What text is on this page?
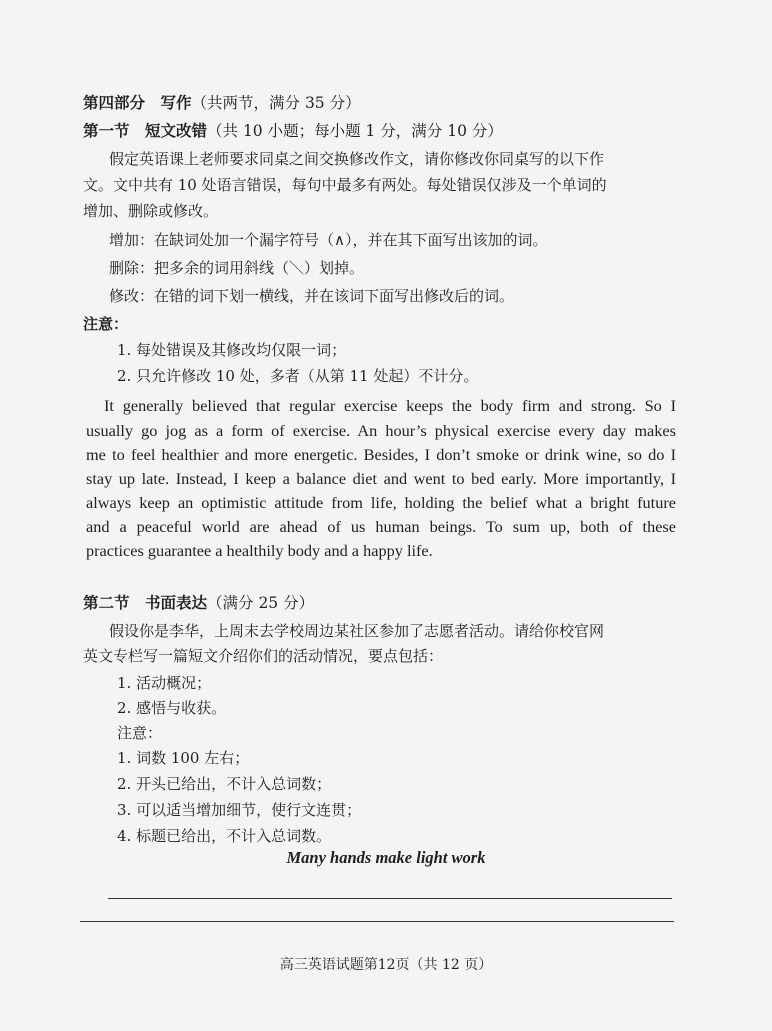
第四部分　写作（共两节，满分 35 分）
第一节　短文改错（共 10 小题；每小题 1 分，满分 10 分）
假定英语课上老师要求同桌之间交换修改作文，请你修改你同桌写的以下作
文。文中共有 10 处语言错误，每句中最多有两处。每处错误仅涉及一个单词的
增加、删除或修改。
增加：在缺词处加一个漏字符号（∧），并在其下面写出该加的词。
删除：把多余的词用斜线（＼）划掉。
修改：在错的词下划一横线，并在该词下面写出修改后的词。
注意：
1. 每处错误及其修改均仅限一词；
2. 只允许修改 10 处，多者（从第 11 处起）不计分。
It generally believed that regular exercise keeps the body firm and strong. So I
usually go jog as a form of exercise. An hour’s physical exercise every day makes
me to feel healthier and more energetic. Besides, I don’t smoke or drink wine, so do I
stay up late. Instead, I keep a balance diet and went to bed early. More importantly, I
always keep an optimistic attitude from life, holding the belief what a bright future
and a peaceful world are ahead of us human beings. To sum up, both of these
practices guarantee a healthily body and a happy life.
第二节　书面表达（满分 25 分）
假设你是李华，上周末去学校周边某社区参加了志愿者活动。请给你校官网
英文专栏写一篇短文介绍你们的活动情况，要点包括：
1. 活动概况；
2. 感悟与收获。
注意：
1. 词数 100 左右；
2. 开头已给出，不计入总词数；
3. 可以适当增加细节，使行文连贯；
4. 标题已给出，不计入总词数。
Many hands make light work
高三英语试题第12页（共 12 页）
